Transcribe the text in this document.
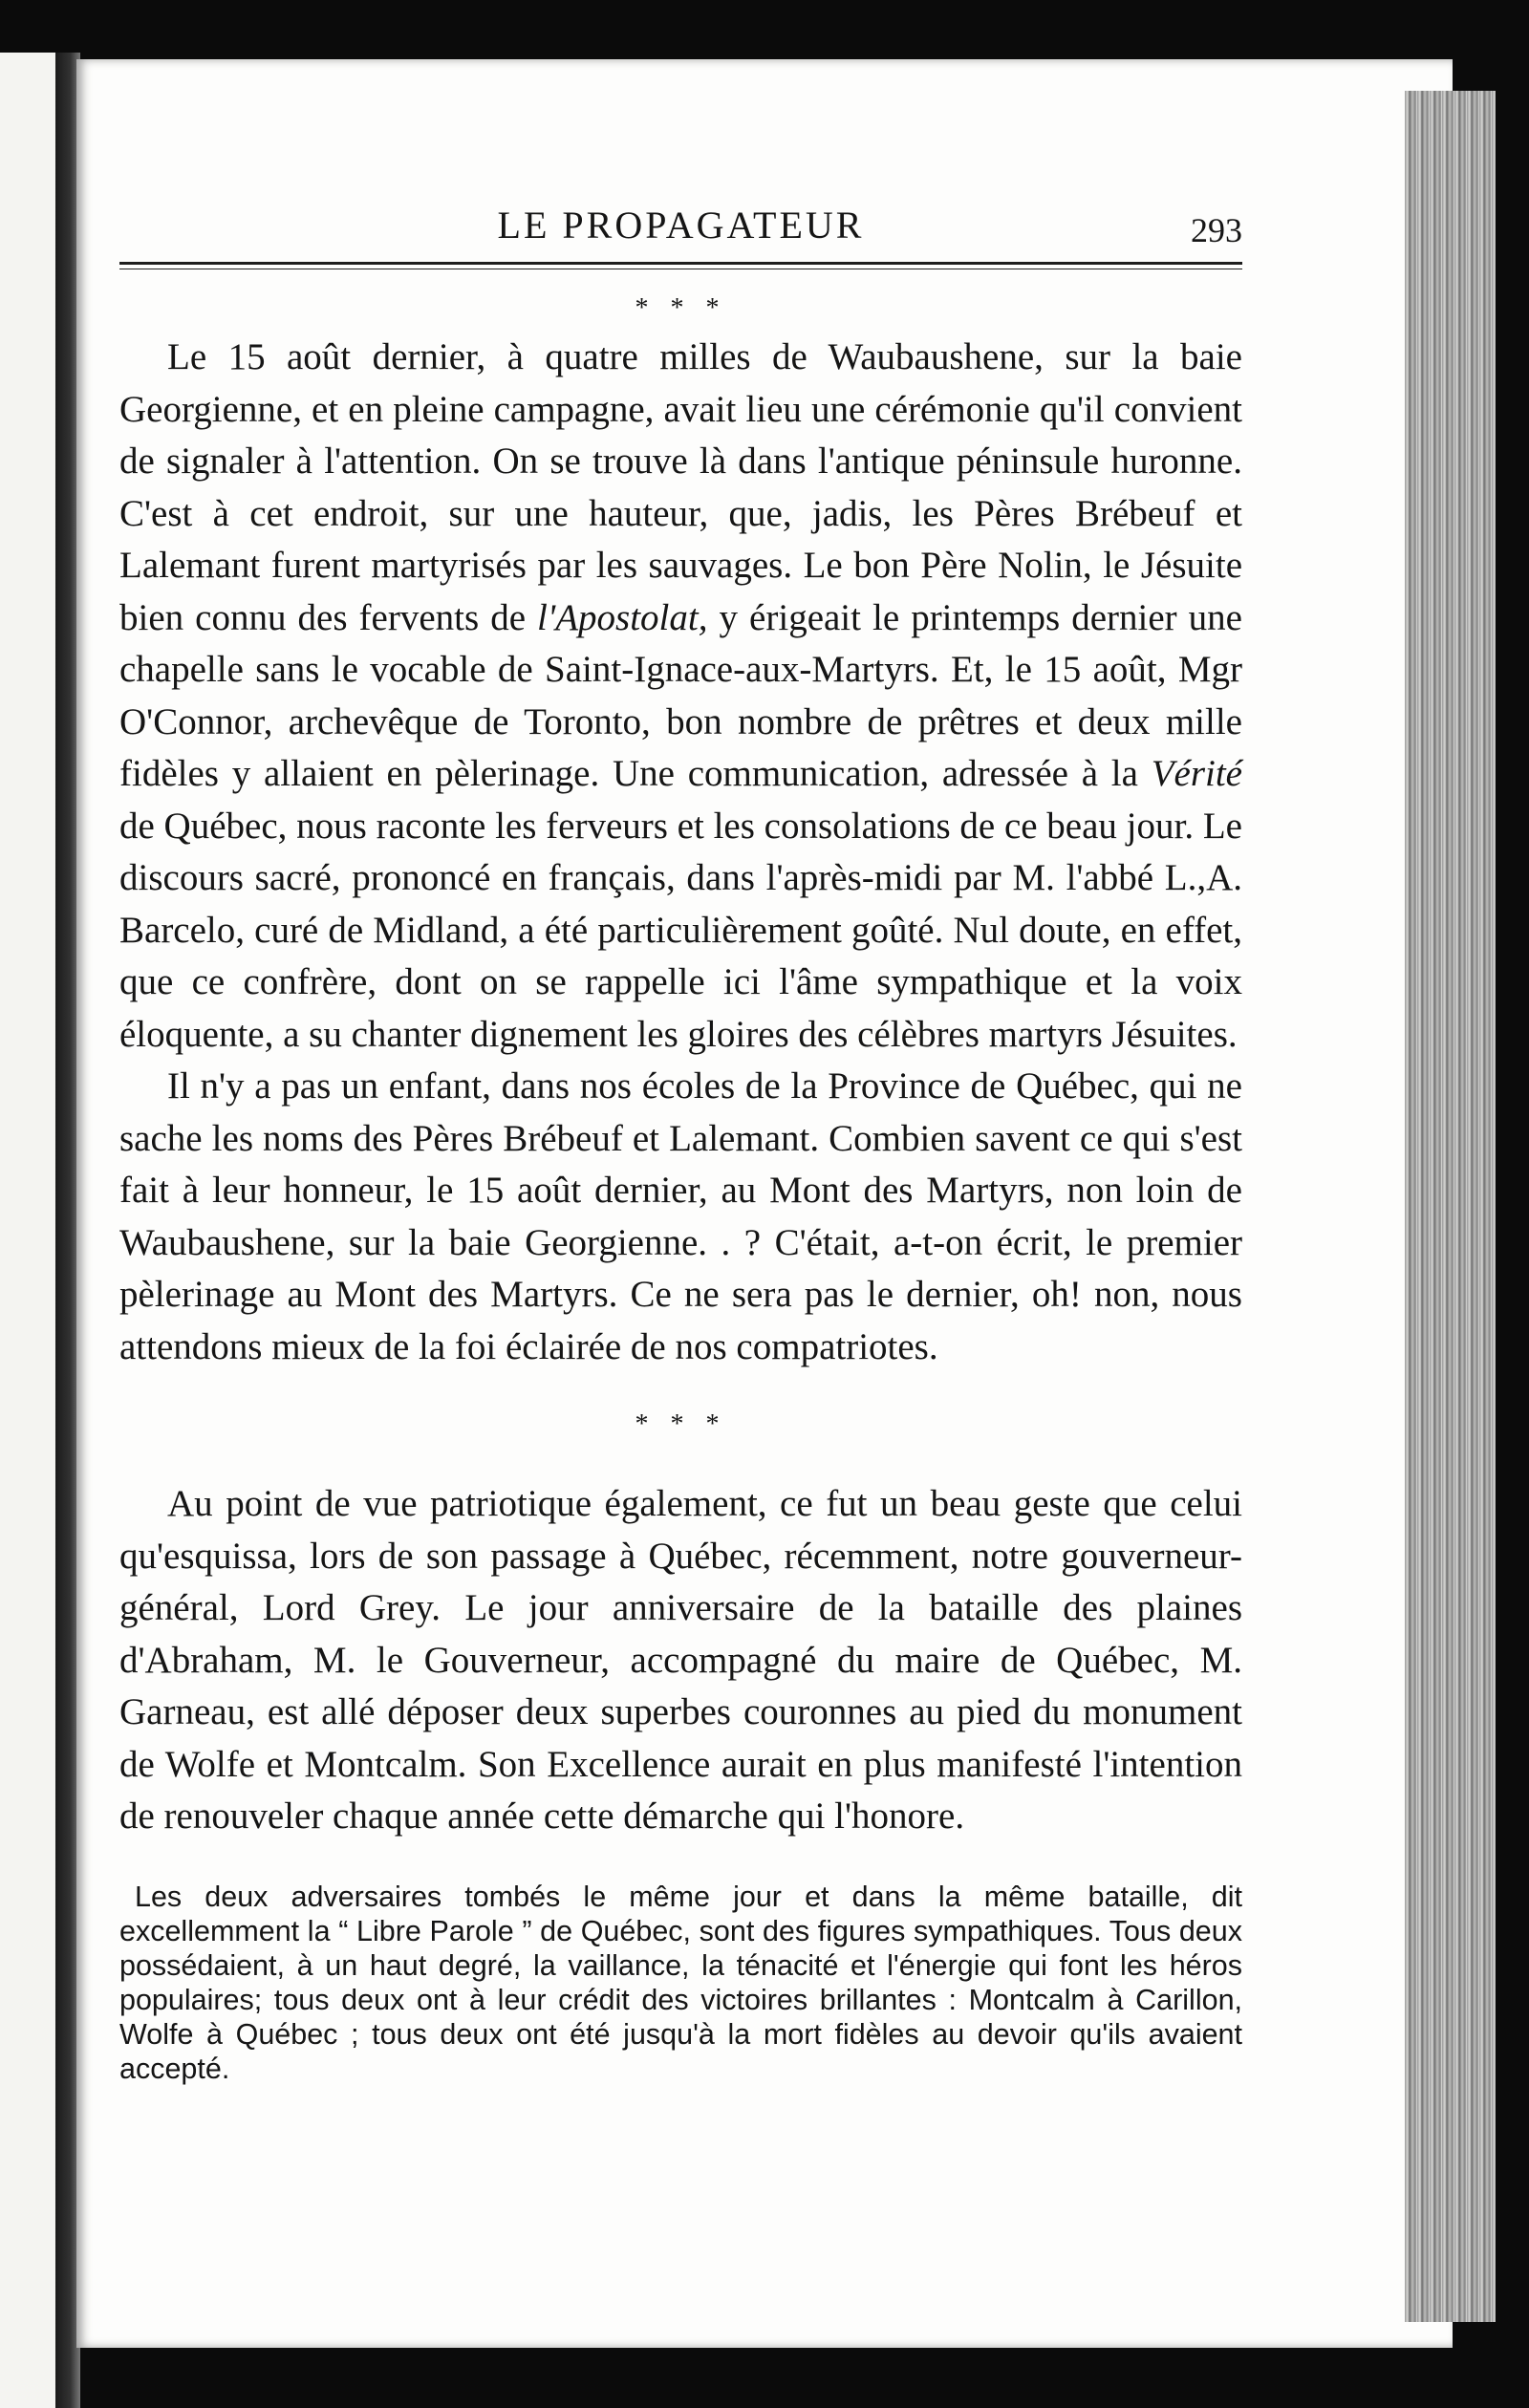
LE PROPAGATEUR	293
* * *

Le 15 août dernier, à quatre milles de Waubaushene, sur la baie Georgienne, et en pleine campagne, avait lieu une cérémonie qu'il convient de signaler à l'attention. On se trouve là dans l'antique péninsule huronne. C'est à cet endroit, sur une hauteur, que, jadis, les Pères Brébeuf et Lalemant furent martyrisés par les sauvages. Le bon Père Nolin, le Jésuite bien connu des fervents de l'Apostolat, y érigeait le printemps dernier une chapelle sans le vocable de Saint-Ignace-aux-Martyrs. Et, le 15 août, Mgr O'Connor, archevêque de Toronto, bon nombre de prêtres et deux mille fidèles y allaient en pèlerinage. Une communication, adressée à la Vérité de Québec, nous raconte les ferveurs et les consolations de ce beau jour. Le discours sacré, prononcé en français, dans l'après-midi par M. l'abbé L.,A. Barcelo, curé de Midland, a été particulièrement goûté. Nul doute, en effet, que ce confrère, dont on se rappelle ici l'âme sympathique et la voix éloquente, a su chanter dignement les gloires des célèbres martyrs Jésuites.

Il n'y a pas un enfant, dans nos écoles de la Province de Québec, qui ne sache les noms des Pères Brébeuf et Lalemant. Combien savent ce qui s'est fait à leur honneur, le 15 août dernier, au Mont des Martyrs, non loin de Waubaushene, sur la baie Georgienne. . ? C'était, a-t-on écrit, le premier pèlerinage au Mont des Martyrs. Ce ne sera pas le dernier, oh! non, nous attendons mieux de la foi éclairée de nos compatriotes.

* * *

Au point de vue patriotique également, ce fut un beau geste que celui qu'esquissa, lors de son passage à Québec, récemment, notre gouverneur-général, Lord Grey. Le jour anniversaire de la bataille des plaines d'Abraham, M. le Gouverneur, accompagné du maire de Québec, M. Garneau, est allé déposer deux superbes couronnes au pied du monument de Wolfe et Montcalm. Son Excellence aurait en plus manifesté l'intention de renouveler chaque année cette démarche qui l'honore.

Les deux adversaires tombés le même jour et dans la même bataille, dit excellemment la “ Libre Parole ” de Québec, sont des figures sympathiques. Tous deux possédaient, à un haut degré, la vaillance, la ténacité et l'énergie qui font les héros populaires; tous deux ont à leur crédit des victoires brillantes : Montcalm à Carillon, Wolfe à Québec ; tous deux ont été jusqu'à la mort fidèles au devoir qu'ils avaient accepté.
